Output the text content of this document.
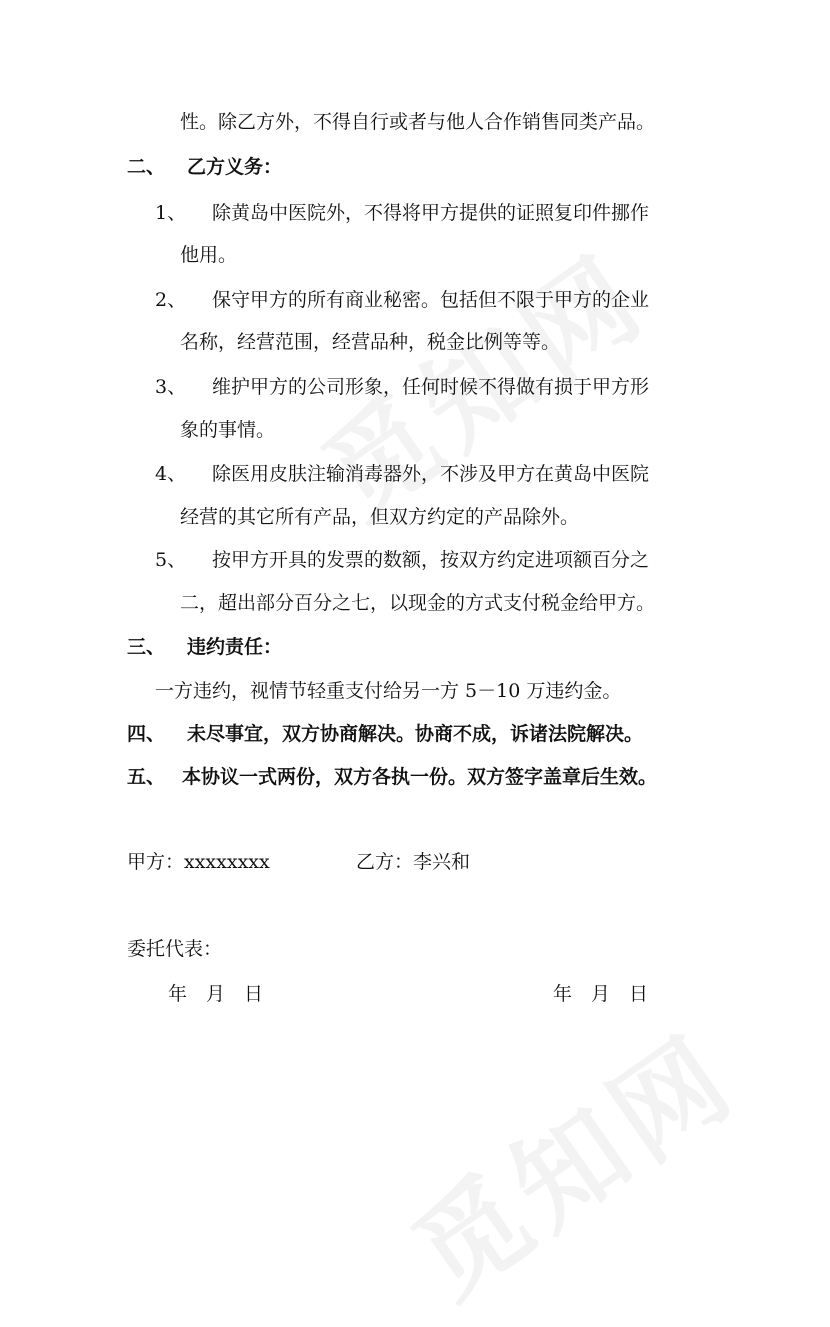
性。除乙方外，不得自行或者与他人合作销售同类产品。
二、 乙方义务：
1、 除黄岛中医院外，不得将甲方提供的证照复印件挪作
他用。
2、 保守甲方的所有商业秘密。包括但不限于甲方的企业
名称，经营范围，经营品种，税金比例等等。
3、 维护甲方的公司形象，任何时候不得做有损于甲方形
象的事情。
4、 除医用皮肤注输消毒器外，不涉及甲方在黄岛中医院
经营的其它所有产品，但双方约定的产品除外。
5、 按甲方开具的发票的数额，按双方约定进项额百分之
二，超出部分百分之七，以现金的方式支付税金给甲方。
三、 违约责任：
一方违约，视情节轻重支付给另一方 5－10 万违约金。
四、 未尽事宜，双方协商解决。协商不成，诉诸法院解决。
五、 本协议一式两份，双方各执一份。双方签字盖章后生效。
甲方：xxxxxxxx	乙方：李兴和
委托代表：
年　月　日	年　月　日
